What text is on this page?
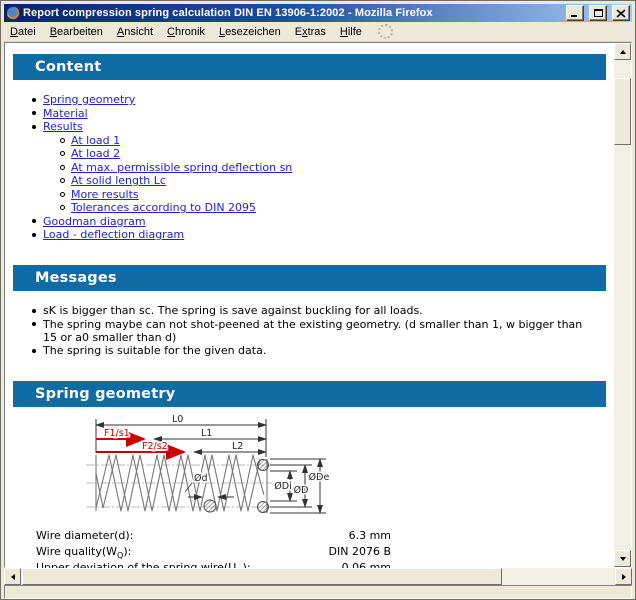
Report compression spring calculation DIN EN 13906-1:2002 - Mozilla Firefox
Datei Bearbeiten Ansicht Chronik Lesezeichen Extras Hilfe
Content
Spring geometry
Material
Results
At load 1
At load 2
At max. permissible spring deflection sn
At solid length Lc
More results
Tolerances according to DIN 2095
Goodman diagram
Load - deflection diagram
Messages
sK is bigger than sc. The spring is save against buckling for all loads.
The spring maybe can not shot-peened at the existing geometry. (d smaller than 1, w bigger than 15 or a0 smaller than d)
The spring is suitable for the given data.
Spring geometry
L0
L1
L2
F1/s1
F2/s2
Ød
ØDi ØD
ØDe
Wire diameter(d):	6.3 mm
Wire $quality(W_Q)$:	DIN 2076 B
